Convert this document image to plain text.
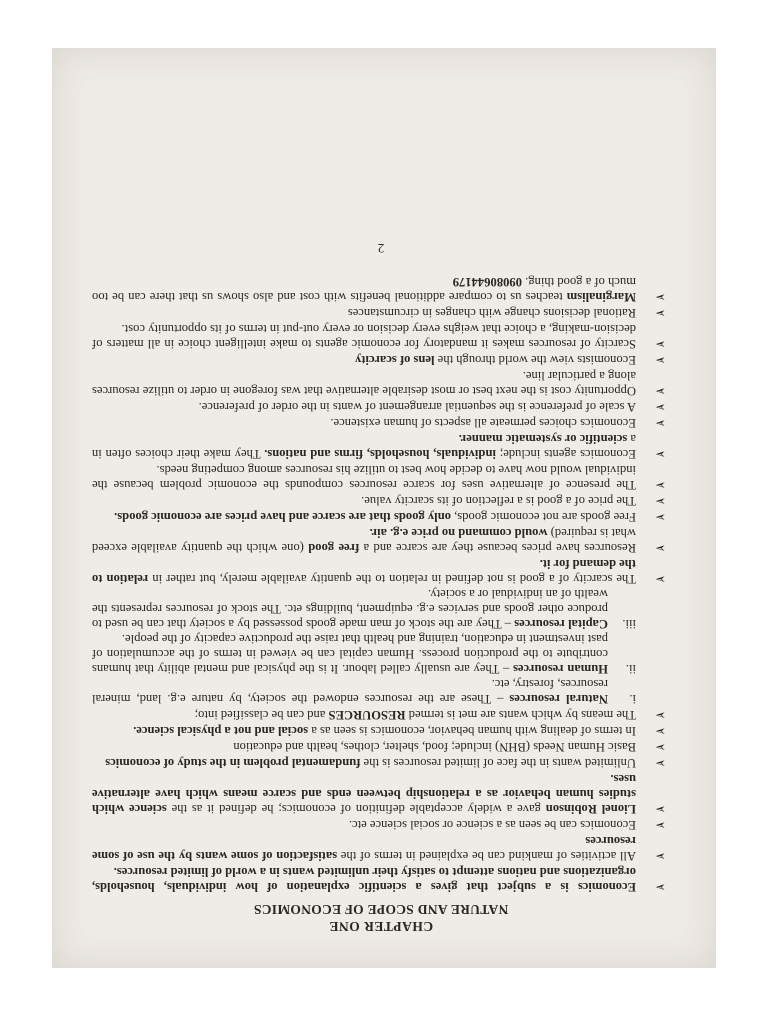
CHAPTER ONE

NATURE AND SCOPE OF ECONOMICS

➢
Economics is a subject that gives a scientific explanation of how individuals, households, organizations and nations attempt to satisfy their unlimited wants in a world of limited resources.

➢
All activities of mankind can be explained in terms of the satisfaction of some wants by the use of some resources

➢
Economics can be seen as a science or social science etc.

➢
Lionel Robinson gave a widely acceptable definition of economics; he defined it as the science which studies human behavior as a relationship between ends and scarce means which have alternative uses.

➢
Unlimited wants in the face of limited resources is the fundamental problem in the study of economics

➢
Basic Human Needs (BHN) include; food, shelter, clothes, health and education

➢
In terms of dealing with human behavior, economics is seen as a social and not a physical science.

➢
The means by which wants are met is termed RESOURCES and can be classified into;

i.
Natural resources – These are the resources endowed the society, by nature e.g. land, mineral resources, forestry, etc.

ii.
Human resources – They are usually called labour. It is the physical and mental ability that humans contribute to the production process. Human capital can be viewed in terms of the accumulation of past investment in education, training and health that raise the productive capacity of the people.

iii.
Capital resources – They are the stock of man made goods possessed by a society that can be used to produce other goods and services e.g. equipment, buildings etc. The stock of resources represents the wealth of an individual or a society.

➢
The scarcity of a good is not defined in relation to the quantity available merely, but rather in relation to the demand for it.

➢
Resources have prices because they are scarce and a free good (one which the quantity available exceed what is required) would command no price e.g. air.

➢
Free goods are not economic goods, only goods that are scarce and have prices are economic goods.

➢
The price of a good is a reflection of its scarcity value.

➢
The presence of alternative uses for scarce resources compounds the economic problem because the individual would now have to decide how best to utilize his resources among competing needs.

➢
Economics agents include; individuals, households, firms and nations. They make their choices often in a scientific or systematic manner.

➢
Economics choices permeate all aspects of human existence.

➢
A scale of preference is the sequential arrangement of wants in the order of preference.

➢
Opportunity cost is the next best or most desirable alternative that was foregone in order to utilize resources along a particular line.

➢
Economists view the world through the lens of scarcity

➢
Scarcity of resources makes it mandatory for economic agents to make intelligent choice in all matters of decision-making, a choice that weighs every decision or every out-put in terms of its opportunity cost.

➢
Rational decisions change with changes in circumstances

➢
Marginalism teaches us to compare additional benefits with cost and also shows us that there can be too much of a good thing. 09080644179

2
